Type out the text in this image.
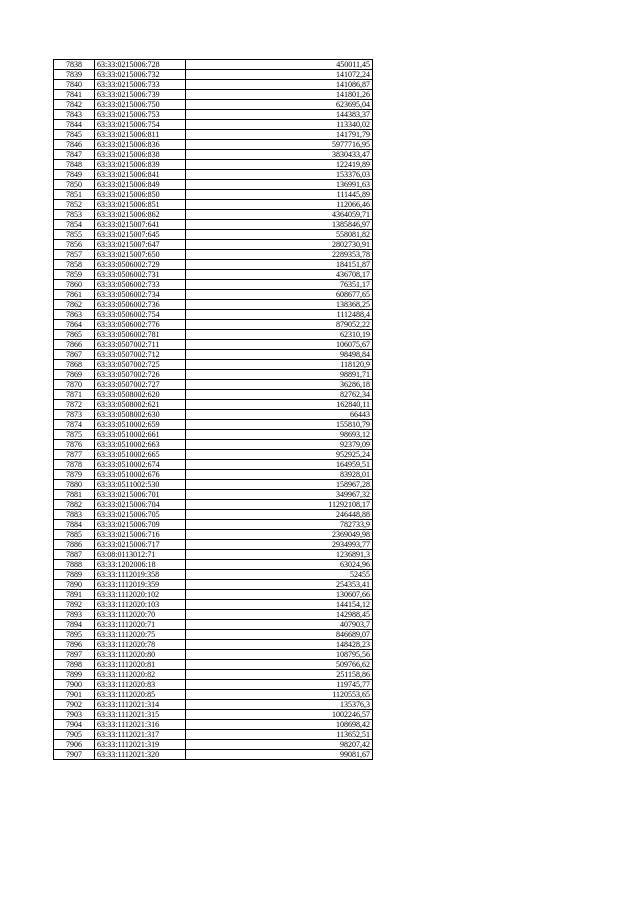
7838	63:33:0215006:728	450011,45
7839	63:33:0215006:732	141072,24
7840	63:33:0215006:733	141086,87
7841	63:33:0215006:739	141801,26
7842	63:33:0215006:750	623695,04
7843	63:33:0215006:753	144383,37
7844	63:33:0215006:754	113340,02
7845	63:33:0215006:811	141791,79
7846	63:33:0215006:836	5977716,95
7847	63:33:0215006:838	3830433,47
7848	63:33:0215006:839	122419,89
7849	63:33:0215006:841	153376,03
7850	63:33:0215006:849	136991,63
7851	63:33:0215006:850	111445,89
7852	63:33:0215006:851	112066,46
7853	63:33:0215006:862	4364059,71
7854	63:33:0215007:641	1385846,97
7855	63:33:0215007:645	558081,82
7856	63:33:0215007:647	2802730,91
7857	63:33:0215007:650	2289353,78
7858	63:33:0506002:729	184151,87
7859	63:33:0506002:731	436708,17
7860	63:33:0506002:733	76351,17
7861	63:33:0506002:734	608677,65
7862	63:33:0506002:736	138368,25
7863	63:33:0506002:754	1112488,4
7864	63:33:0506002:776	879052,22
7865	63:33:0506002:781	62310,19
7866	63:33:0507002:711	106075,67
7867	63:33:0507002:712	98498,84
7868	63:33:0507002:725	118120,9
7869	63:33:0507002:726	98891,71
7870	63:33:0507002:727	36286,18
7871	63:33:0508002:620	82762,34
7872	63:33:0508002:621	162840,11
7873	63:33:0508002:630	66443
7874	63:33:0510002:659	155810,79
7875	63:33:0510002:661	98693,12
7876	63:33:0510002:663	92379,09
7877	63:33:0510002:665	952925,24
7878	63:33:0510002:674	164959,51
7879	63:33:0510002:676	83928,01
7880	63:33:0511002:530	158967,28
7881	63:33:0215006:701	349967,32
7882	63:33:0215006:704	11292108,17
7883	63:33:0215006:705	246448,88
7884	63:33:0215006:709	782733,9
7885	63:33:0215006:716	2369049,98
7886	63:33:0215006:717	2934993,77
7887	63:08:0113012:71	1236891,3
7888	63:33:1202006:18	63024,96
7889	63:33:1112019:358	52455
7890	63:33:1112019:359	254353,41
7891	63:33:1112020:102	130607,66
7892	63:33:1112020:103	144154,12
7893	63:33:1112020:70	142988,45
7894	63:33:1112020:71	407903,7
7895	63:33:1112020:75	846689,07
7896	63:33:1112020:78	148428,23
7897	63:33:1112020:80	108795,56
7898	63:33:1112020:81	509766,62
7899	63:33:1112020:82	251158,86
7900	63:33:1112020:83	119745,77
7901	63:33:1112020:85	1120553,65
7902	63:33:1112021:314	135376,3
7903	63:33:1112021:315	1002246,57
7904	63:33:1112021:316	108698,42
7905	63:33:1112021:317	113652,51
7906	63:33:1112021:319	98207,42
7907	63:33:1112021:320	99081,67
